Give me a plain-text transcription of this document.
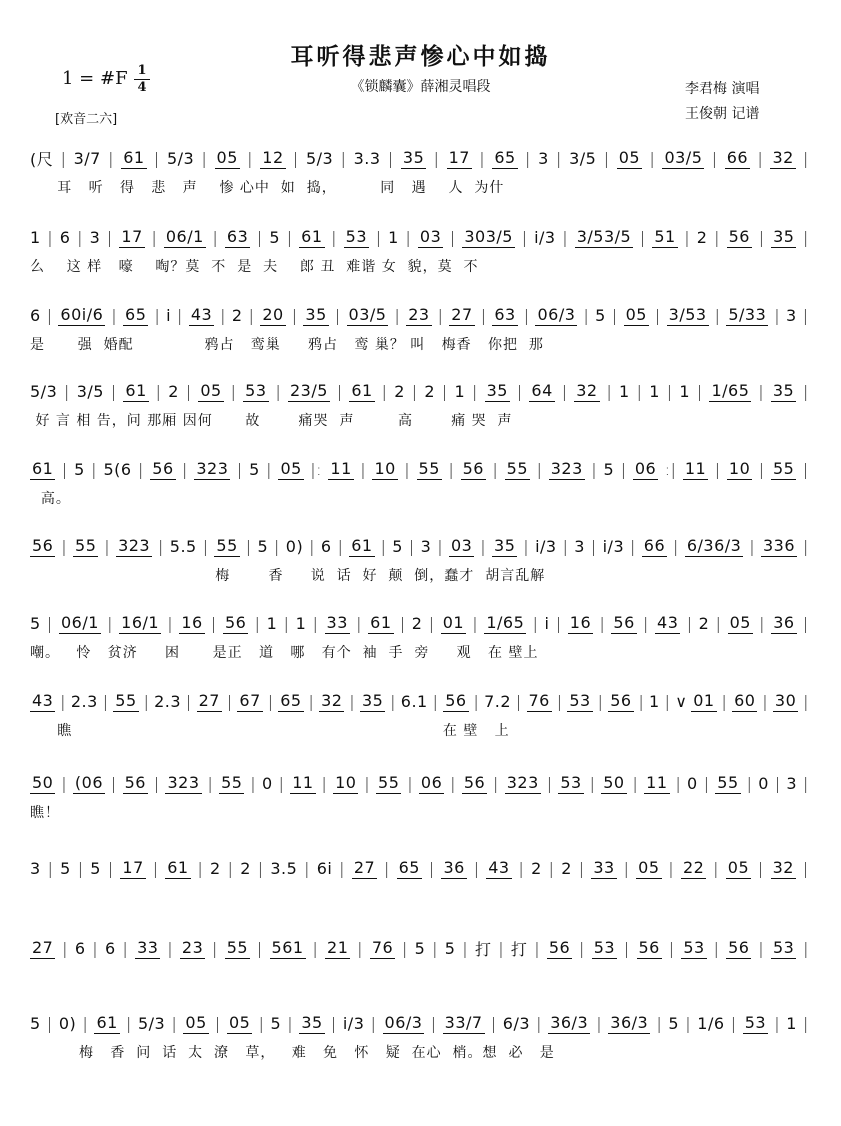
耳听得悲声惨心中如捣
《锁麟囊》薛湘灵唱段
1 = #F 1
4
[欢音二六]
李君梅 演唱
王俊朝 记谱
(尺 | 3/7 | 61 | 5/3 | 05 | 12 | 5/3 | 3.3 | 35 | 17 | 65 | 3 | 3/5 | 05 | 03/5 | 66 | 32 |
耳   听   得   悲   声    惨 心中  如  捣，        同   遇    人  为什
1 | 6 | 3 | 17 | 06/1 | 63 | 5 | 61 | 53 | 1 | 03 | 303/5 | i/3 | 3/53/5 | 51 | 2 | 56 | 35 |
么    这 样   嚎    啕？莫  不  是  夫    郎 丑  难谐 女  貌，莫  不
6 | 60i/6 | 65 | i | 43 | 2 | 20 | 35 | 03/5 | 23 | 27 | 63 | 06/3 | 5 | 05 | 3/53 | 5/33 | 3 |
是      强  婚配             鸦占   鸾巢     鸦占   鸾 巢？ 叫   梅香   你把  那
5/3 | 3/5 | 61 | 2 | 05 | 53 | 23/5 | 61 | 2 | 2 | 1 | 35 | 64 | 32 | 1 | 1 | 1 | 1/65 | 35 |
好 言 相 告，问 那厢 因何      故       痛哭  声        高       痛 哭  声
61 | 5 | 5(6 | 56 | 323 | 5 | 05 |: 11 | 10 | 55 | 56 | 55 | 323 | 5 | 06 :| 11 | 10 | 55 |
高。
56 | 55 | 323 | 5.5 | 55 | 5 | 0) | 6 | 61 | 5 | 3 | 03 | 35 | i/3 | 3 | i/3 | 66 | 6/36/3 | 336 |
梅       香     说  话  好  颠  倒，蠢才  胡言乱解
5 | 06/1 | 16/1 | 16 | 56 | 1 | 1 | 33 | 61 | 2 | 01 | 1/65 | i | 16 | 56 | 43 | 2 | 05 | 36 |
嘲。   怜   贫济     困      是正   道   哪   有个  袖  手  旁     观   在 壁上
43 | 2.3 | 55 | 2.3 | 27 | 67 | 65 | 32 | 35 | 6.1 | 56 | 7.2 | 76 | 53 | 56 | 1 | ∨ 01 | 60 | 30 |
瞧                                                                    在 壁   上
50 | (06 | 56 | 323 | 55 | 0 | 11 | 10 | 55 | 06 | 56 | 323 | 53 | 50 | 11 | 0 | 55 | 0 | 3 |
瞧！
3 | 5 | 5 | 17 | 61 | 2 | 2 | 3.5 | 6i | 27 | 65 | 36 | 43 | 2 | 2 | 33 | 05 | 22 | 05 | 32 |
27 | 6 | 6 | 33 | 23 | 55 | 561 | 21 | 76 | 5 | 5 | 打 | 打 | 56 | 53 | 56 | 53 | 56 | 53 |
5 | 0) | 61 | 5/3 | 05 | 05 | 5 | 35 | i/3 | 06/3 | 33/7 | 6/3 | 36/3 | 36/3 | 5 | 1/6 | 53 | 1 |
梅   香  问  话  太  潦   草，   难   免   怀   疑  在心  梢。想  必   是
